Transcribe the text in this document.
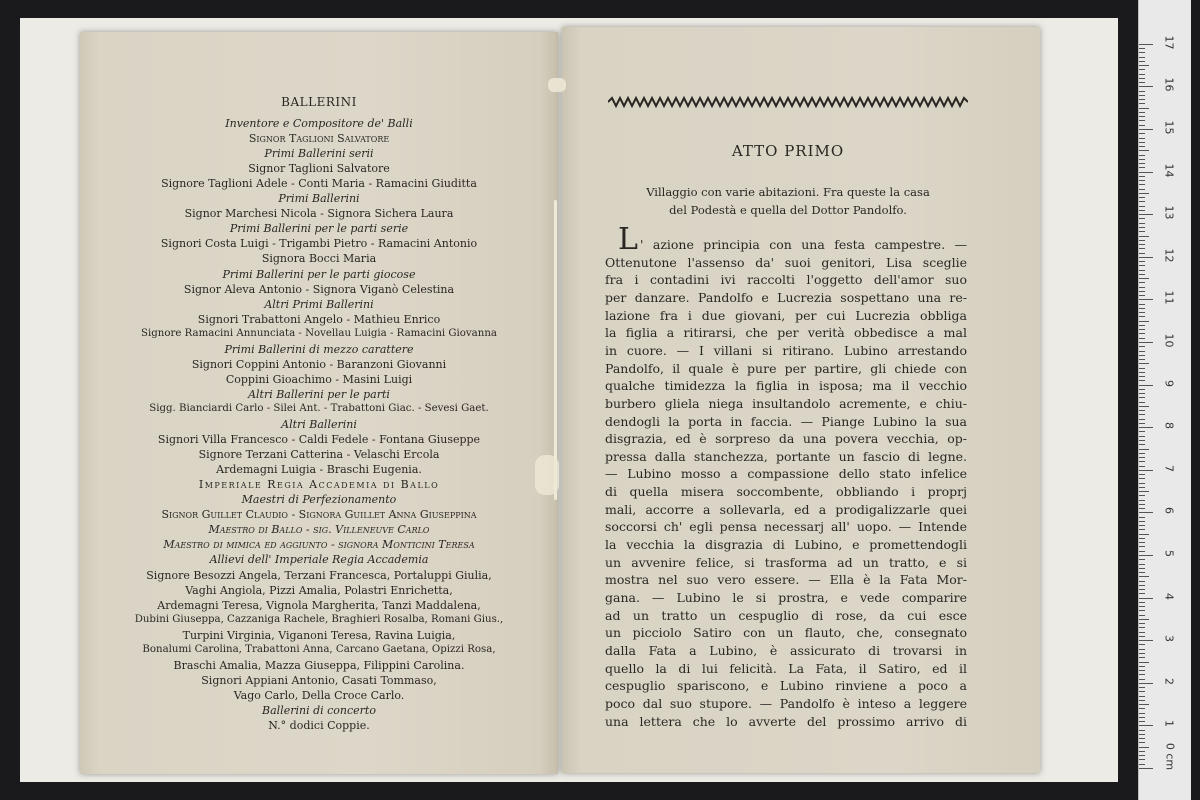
BALLERINI
Inventore e Compositore de' Balli
Signor Taglioni Salvatore
Primi Ballerini serii
Signor Taglioni Salvatore
Signore Taglioni Adele - Conti Maria - Ramacini Giuditta
Primi Ballerini
Signor Marchesi Nicola - Signora Sichera Laura
Primi Ballerini per le parti serie
Signori Costa Luigi - Trigambi Pietro - Ramacini Antonio
Signora Bocci Maria
Primi Ballerini per le parti giocose
Signor Aleva Antonio - Signora Viganò Celestina
Altri Primi Ballerini
Signori Trabattoni Angelo - Mathieu Enrico
Signore Ramacini Annunciata - Novellau Luigia - Ramacini Giovanna
Primi Ballerini di mezzo carattere
Signori Coppini Antonio - Baranzoni Giovanni
Coppini Gioachimo - Masini Luigi
Altri Ballerini per le parti
Sigg. Bianciardi Carlo - Silei Ant. - Trabattoni Giac. - Sevesi Gaet.
Altri Ballerini
Signori Villa Francesco - Caldi Fedele - Fontana Giuseppe
Signore Terzani Catterina - Velaschi Ercola
Ardemagni Luigia - Braschi Eugenia.
Imperiale Regia Accademia di Ballo
Maestri di Perfezionamento
Signor Guillet Claudio - Signora Guillet Anna Giuseppina
Maestro di Ballo - sig. Villeneuve Carlo
Maestro di mimica ed aggiunto - signora Monticini Teresa
Allievi dell' Imperiale Regia Accademia
Signore Besozzi Angela, Terzani Francesca, Portaluppi Giulia,
Vaghi Angiola, Pizzi Amalia, Polastri Enrichetta,
Ardemagni Teresa, Vignola Margherita, Tanzi Maddalena,
Dubini Giuseppa, Cazzaniga Rachele, Braghieri Rosalba, Romani Gius.,
Turpini Virginia, Viganoni Teresa, Ravina Luigia,
Bonalumi Carolina, Trabattoni Anna, Carcano Gaetana, Opizzi Rosa,
Braschi Amalia, Mazza Giuseppa, Filippini Carolina.
Signori Appiani Antonio, Casati Tommaso,
Vago Carlo, Della Croce Carlo.
Ballerini di concerto
N.° dodici Coppie.
ATTO PRIMO
Villaggio con varie abitazioni. Fra queste la casa
del Podestà e quella del Dottor Pandolfo.
L ' azione principia con una festa campestre. —
Ottenutone l'assenso da' suoi genitori, Lisa sceglie
fra i contadini ivi raccolti l'oggetto dell'amor suo
per danzare. Pandolfo e Lucrezia sospettano una re-
lazione fra i due giovani, per cui Lucrezia obbliga
la figlia a ritirarsi, che per verità obbedisce a mal
in cuore. — I villani si ritirano. Lubino arrestando
Pandolfo, il quale è pure per partire, gli chiede con
qualche timidezza la figlia in isposa; ma il vecchio
burbero gliela niega insultandolo acremente, e chiu-
dendogli la porta in faccia. — Piange Lubino la sua
disgrazia, ed è sorpreso da una povera vecchia, op-
pressa dalla stanchezza, portante un fascio di legne.
— Lubino mosso a compassione dello stato infelice
di quella misera soccombente, obbliando i proprj
mali, accorre a sollevarla, ed a prodigalizzarle quei
soccorsi ch' egli pensa necessarj all' uopo. — Intende
la vecchia la disgrazia di Lubino, e promettendogli
un avvenire felice, si trasforma ad un tratto, e si
mostra nel suo vero essere. — Ella è la Fata Mor-
gana. — Lubino le si prostra, e vede comparire
ad un tratto un cespuglio di rose, da cui esce
un picciolo Satiro con un flauto, che, consegnato
dalla Fata a Lubino, è assicurato di trovarsi in
quello la di lui felicità. La Fata, il Satiro, ed il
cespuglio spariscono, e Lubino rinviene a poco a
poco dal suo stupore. — Pandolfo è inteso a leggere
una lettera che lo avverte del prossimo arrivo di
0 cm
1
2
3
4
5
6
7
8
9
10
11
12
13
14
15
16
17
